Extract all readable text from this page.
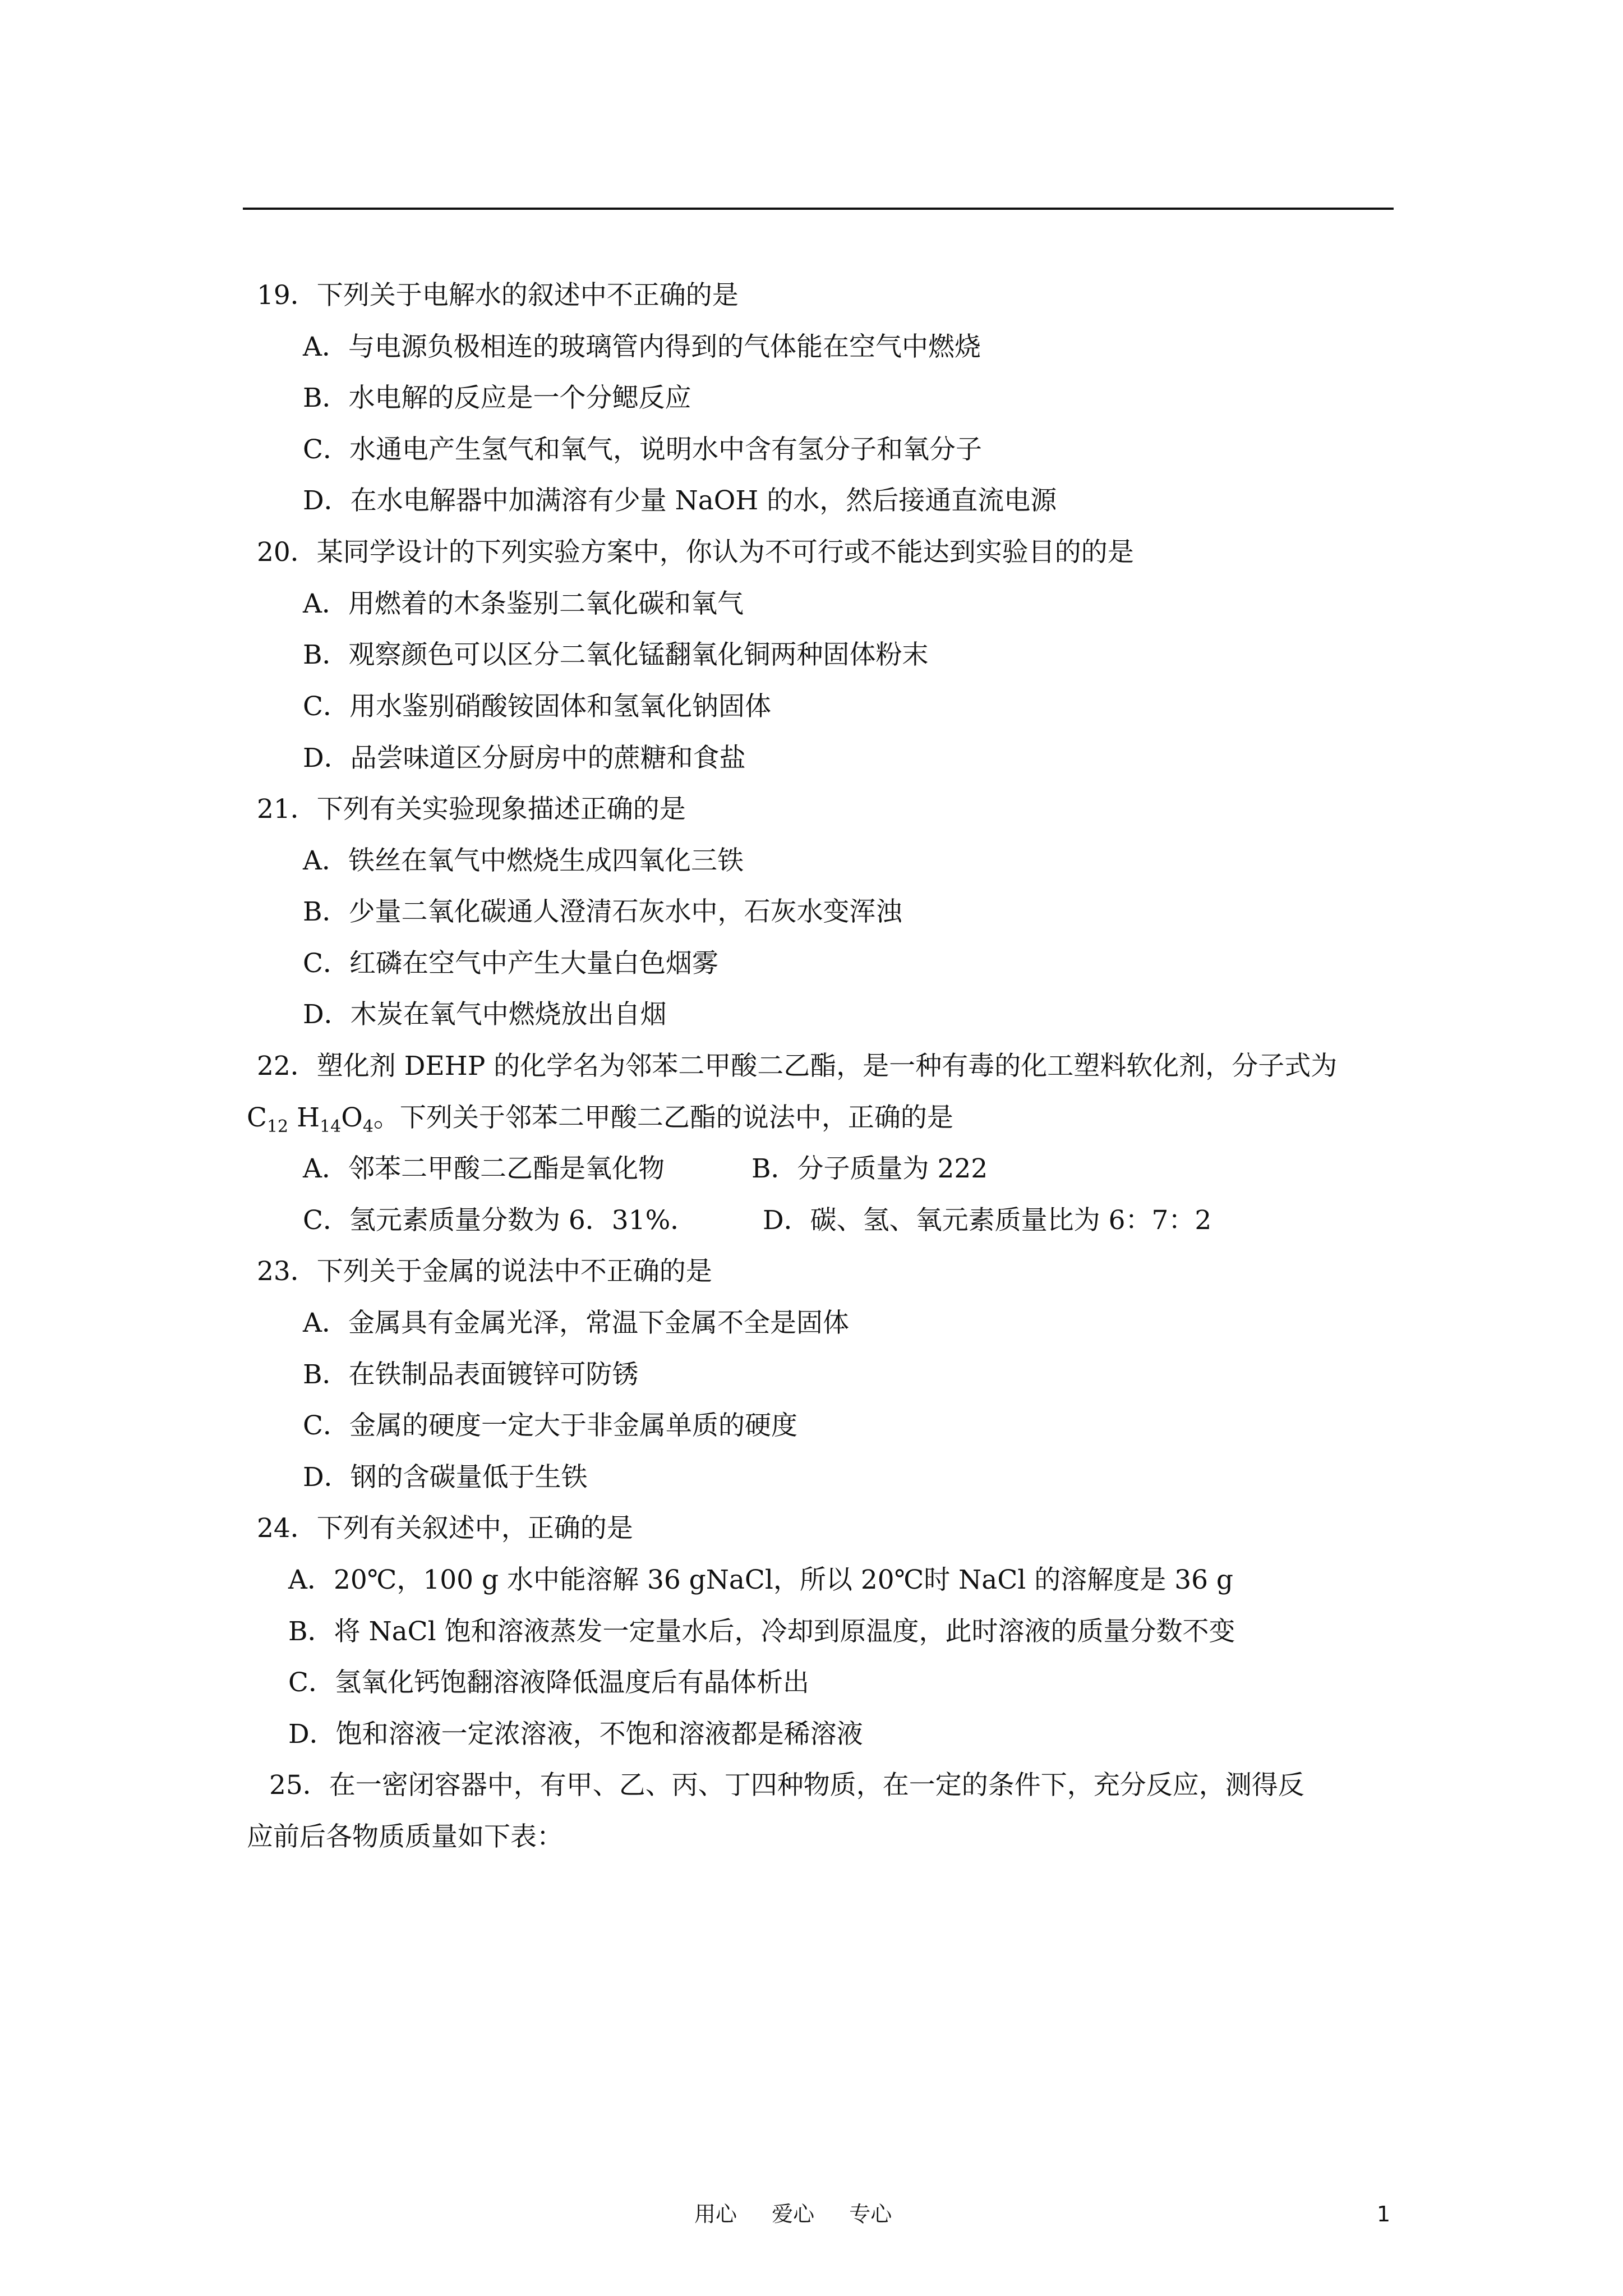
19．下列关于电解水的叙述中不正确的是
A．与电源负极相连的玻璃管内得到的气体能在空气中燃烧
B．水电解的反应是一个分鳃反应
C．水通电产生氢气和氧气，说明水中含有氢分子和氧分子
D．在水电解器中加满溶有少量 NaOH 的水，然后接通直流电源
20．某同学设计的下列实验方案中，你认为不可行或不能达到实验目的的是
A．用燃着的木条鉴别二氧化碳和氧气
B．观察颜色可以区分二氧化锰翻氧化铜两种固体粉末
C．用水鉴别硝酸铵固体和氢氧化钠固体
D．品尝味道区分厨房中的蔗糖和食盐
21．下列有关实验现象描述正确的是
A．铁丝在氧气中燃烧生成四氧化三铁
B．少量二氧化碳通人澄清石灰水中，石灰水变浑浊
C．红磷在空气中产生大量白色烟雾
D．木炭在氧气中燃烧放出自烟
22．塑化剂 DEHP 的化学名为邻苯二甲酸二乙酯，是一种有毒的化工塑料软化剂，分子式为
$C_{12}$ $H_{14}O_4$。下列关于邻苯二甲酸二乙酯的说法中，正确的是
A．邻苯二甲酸二乙酯是氧化物	B．分子质量为 222
C．氢元素质量分数为 6．31%．	D．碳、氢、氧元素质量比为 6：7：2
23．下列关于金属的说法中不正确的是
A．金属具有金属光泽，常温下金属不全是固体
B．在铁制品表面镀锌可防锈
C．金属的硬度一定大于非金属单质的硬度
D．钢的含碳量低于生铁
24．下列有关叙述中，正确的是
A．20℃，100 g 水中能溶解 36 gNaCl，所以 20℃时 NaCl 的溶解度是 36 g
B．将 NaCl 饱和溶液蒸发一定量水后，冷却到原温度，此时溶液的质量分数不变
C．氢氧化钙饱翻溶液降低温度后有晶体析出
D．饱和溶液一定浓溶液，不饱和溶液都是稀溶液
25．在一密闭容器中，有甲、乙、丙、丁四种物质，在一定的条件下，充分反应，测得反
应前后各物质质量如下表：
用心 爱心 专心	1
